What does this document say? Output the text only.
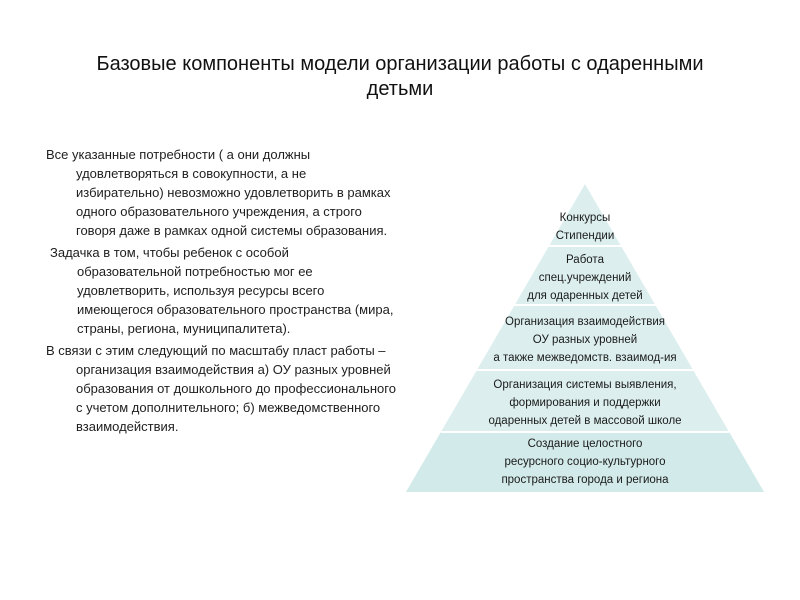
Базовые компоненты модели организации работы с одаренными
детьми

Все указанные потребности ( а они должны удовлетворяться в совокупности, а не избирательно) невозможно удовлетворить в рамках одного образовательного учреждения, а строго говоря даже в рамках одной системы образования.

Задачка в том, чтобы ребенок с особой образовательной потребностью мог ее удовлетворить, используя ресурсы всего имеющегося образовательного пространства (мира, страны, региона, муниципалитета).

В связи с этим следующий по масштабу пласт работы – организация взаимодействия а) ОУ разных уровней образования от дошкольного до профессионального с учетом дополнительного; б) межведомственного взаимодействия.

Конкурсы
Стипендии
Работа
спец.учреждений
для одаренных детей
Организация взаимодействия
ОУ разных уровней
а также межведомств. взаимод-ия
Организация системы выявления,
формирования и поддержки
одаренных детей в массовой школе
Создание целостного
ресурсного социо-культурного
пространства города и региона
